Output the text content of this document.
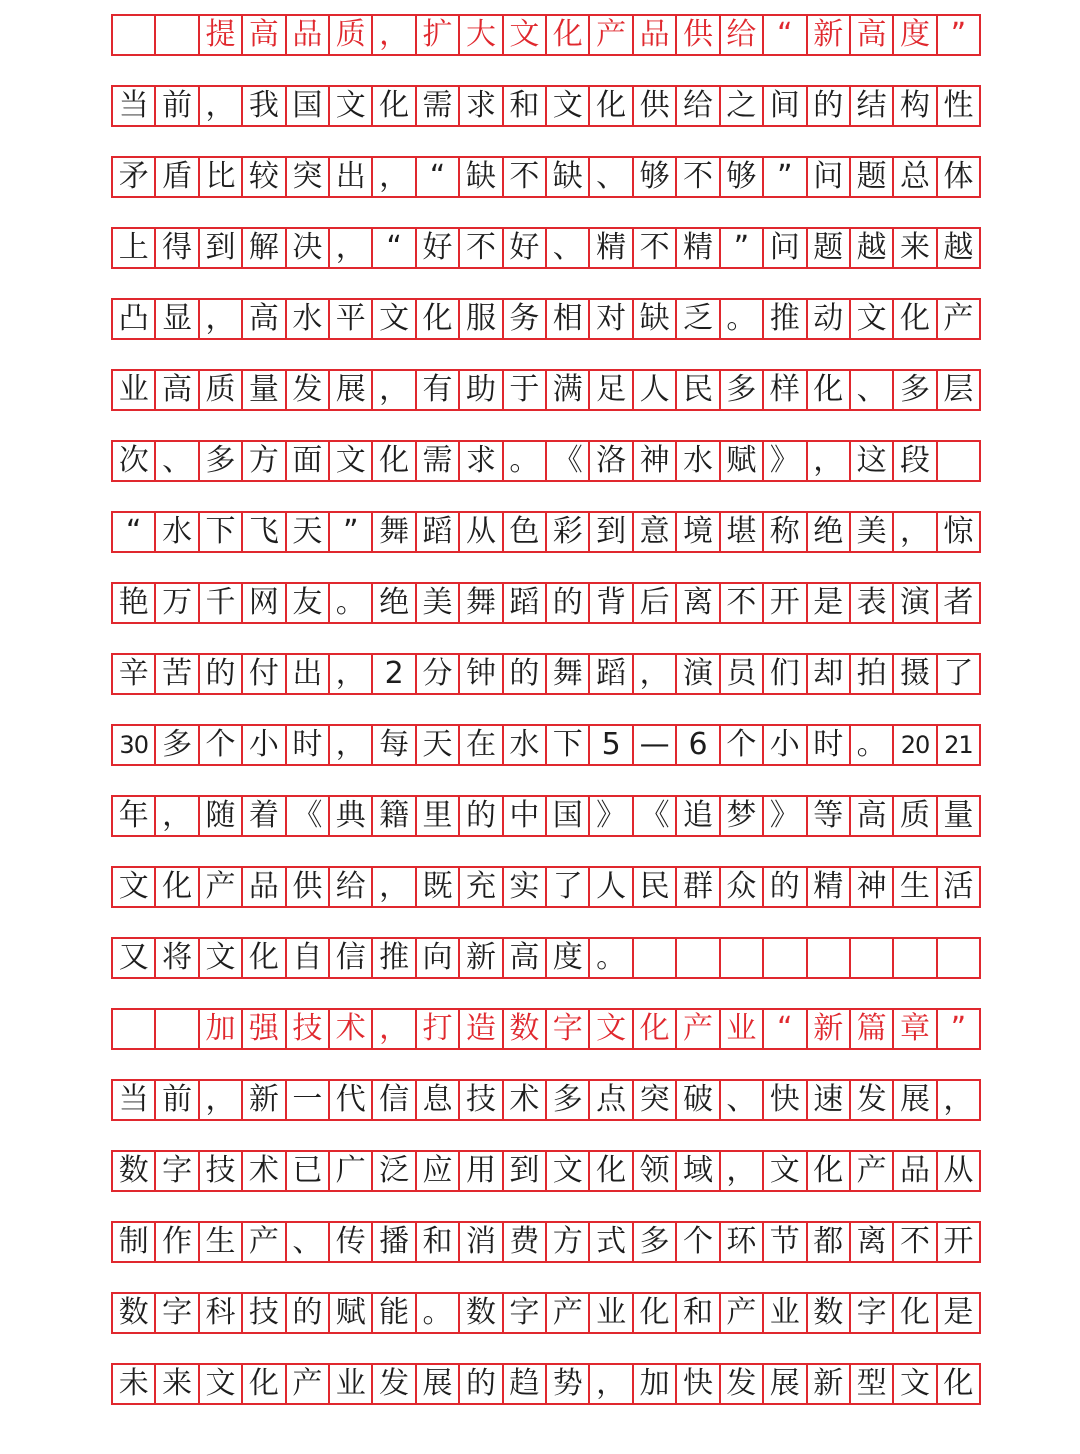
提 高 品 质 ， 扩 大 文 化 产 品 供 给 “ 新 高 度 ”
当 前 ， 我 国 文 化 需 求 和 文 化 供 给 之 间 的 结 构 性
矛 盾 比 较 突 出 ， “ 缺 不 缺 、 够 不 够 ” 问 题 总 体
上 得 到 解 决 ， “ 好 不 好 、 精 不 精 ” 问 题 越 来 越
凸 显 ， 高 水 平 文 化 服 务 相 对 缺 乏 。 推 动 文 化 产
业 高 质 量 发 展 ， 有 助 于 满 足 人 民 多 样 化 、 多 层
次 、 多 方 面 文 化 需 求 。 《 洛 神 水 赋 》 ， 这 段
“ 水 下 飞 天 ” 舞 蹈 从 色 彩 到 意 境 堪 称 绝 美 ， 惊
艳 万 千 网 友 。 绝 美 舞 蹈 的 背 后 离 不 开 是 表 演 者
辛 苦 的 付 出 ， 2 分 钟 的 舞 蹈 ， 演 员 们 却 拍 摄 了
30 多 个 小 时 ， 每 天 在 水 下 5 — 6 个 小 时 。 20 21
年 ， 随 着 《 典 籍 里 的 中 国 》 《 追 梦 》 等 高 质 量
文 化 产 品 供 给 ， 既 充 实 了 人 民 群 众 的 精 神 生 活
又 将 文 化 自 信 推 向 新 高 度 。
加 强 技 术 ， 打 造 数 字 文 化 产 业 “ 新 篇 章 ”
当 前 ， 新 一 代 信 息 技 术 多 点 突 破 、 快 速 发 展 ，
数 字 技 术 已 广 泛 应 用 到 文 化 领 域 ， 文 化 产 品 从
制 作 生 产 、 传 播 和 消 费 方 式 多 个 环 节 都 离 不 开
数 字 科 技 的 赋 能 。 数 字 产 业 化 和 产 业 数 字 化 是
未 来 文 化 产 业 发 展 的 趋 势 ， 加 快 发 展 新 型 文 化
